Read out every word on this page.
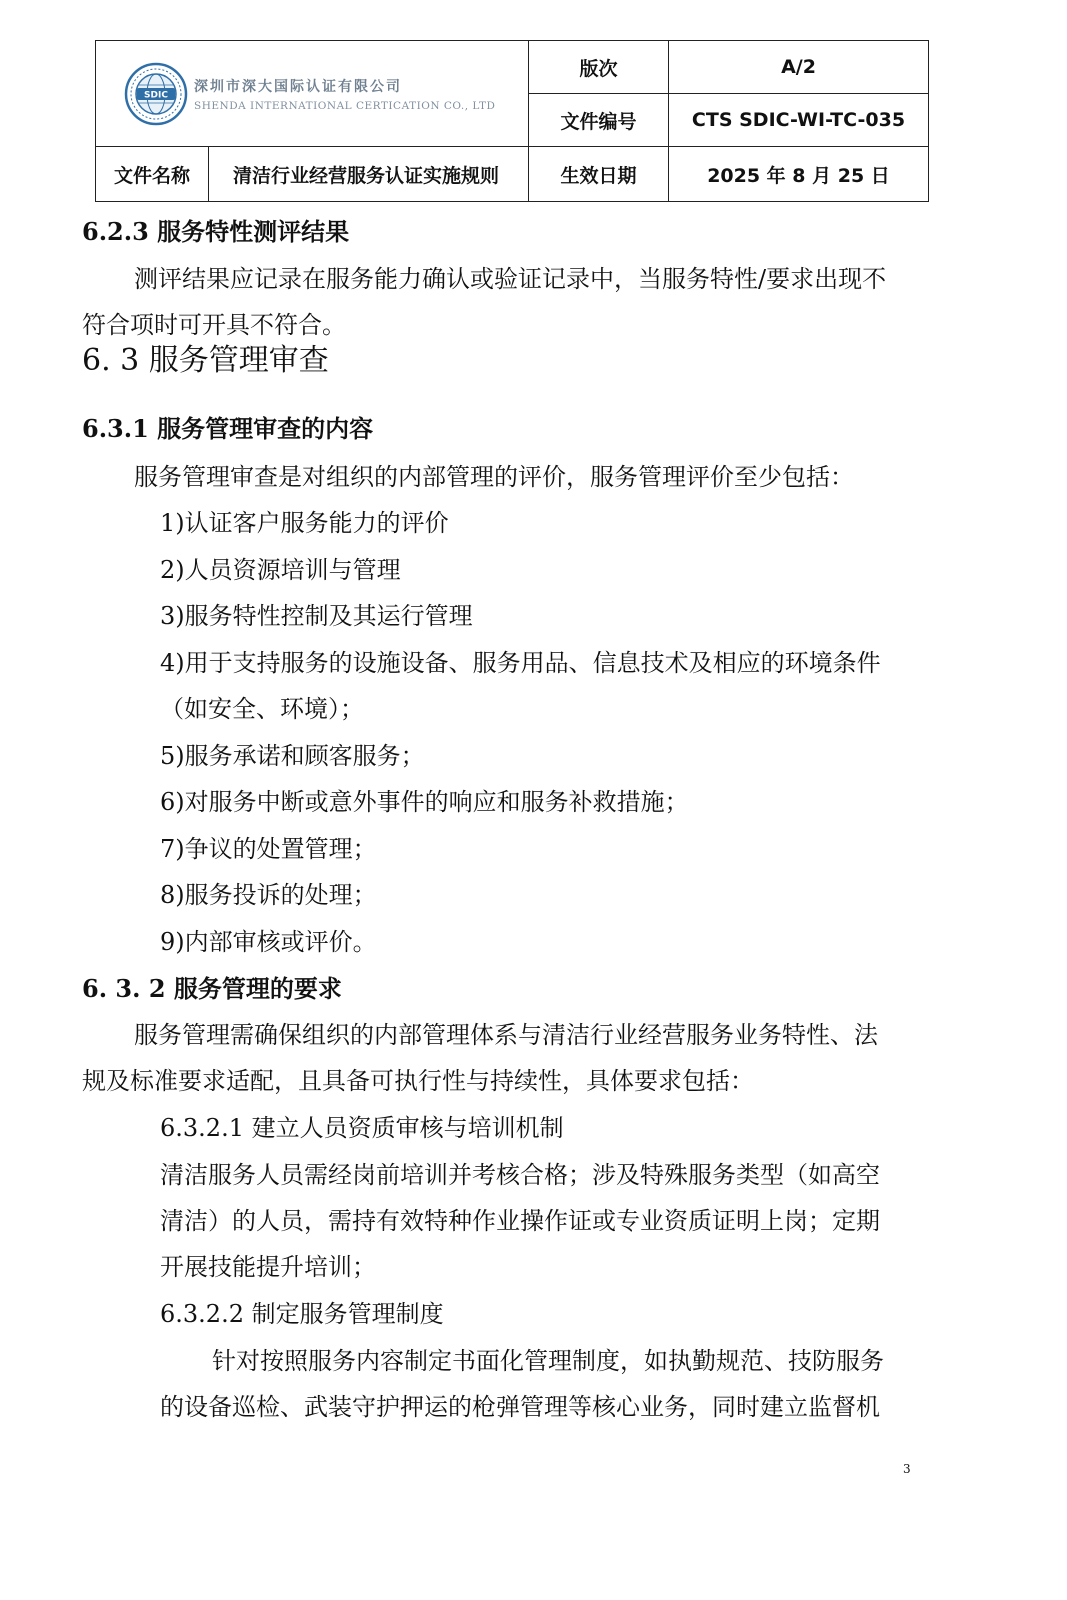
SDIC
深圳市深大国际认证有限公司
SHENDA INTERNATIONAL CERTICATION CO., LTD		版次	A/2
		文件编号	CTS SDIC-WI-TC-035
文件名称	清洁行业经营服务认证实施规则	生效日期	2025 年 8 月 25 日
6.2.3 服务特性测评结果
测评结果应记录在服务能力确认或验证记录中，当服务特性/要求出现不
符合项时可开具不符合。
6. 3 服务管理审查
6.3.1 服务管理审查的内容
服务管理审查是对组织的内部管理的评价，服务管理评价至少包括：
1)认证客户服务能力的评价
2)人员资源培训与管理
3)服务特性控制及其运行管理
4)用于支持服务的设施设备、服务用品、信息技术及相应的环境条件
（如安全、环境）；
5)服务承诺和顾客服务；
6)对服务中断或意外事件的响应和服务补救措施；
7)争议的处置管理；
8)服务投诉的处理；
9)内部审核或评价。
6. 3. 2 服务管理的要求
服务管理需确保组织的内部管理体系与清洁行业经营服务业务特性、法
规及标准要求适配，且具备可执行性与持续性，具体要求包括：
6.3.2.1 建立人员资质审核与培训机制
清洁服务人员需经岗前培训并考核合格；涉及特殊服务类型（如高空
清洁）的人员，需持有效特种作业操作证或专业资质证明上岗；定期
开展技能提升培训；
6.3.2.2 制定服务管理制度
针对按照服务内容制定书面化管理制度，如执勤规范、技防服务
的设备巡检、武装守护押运的枪弹管理等核心业务，同时建立监督机
3
